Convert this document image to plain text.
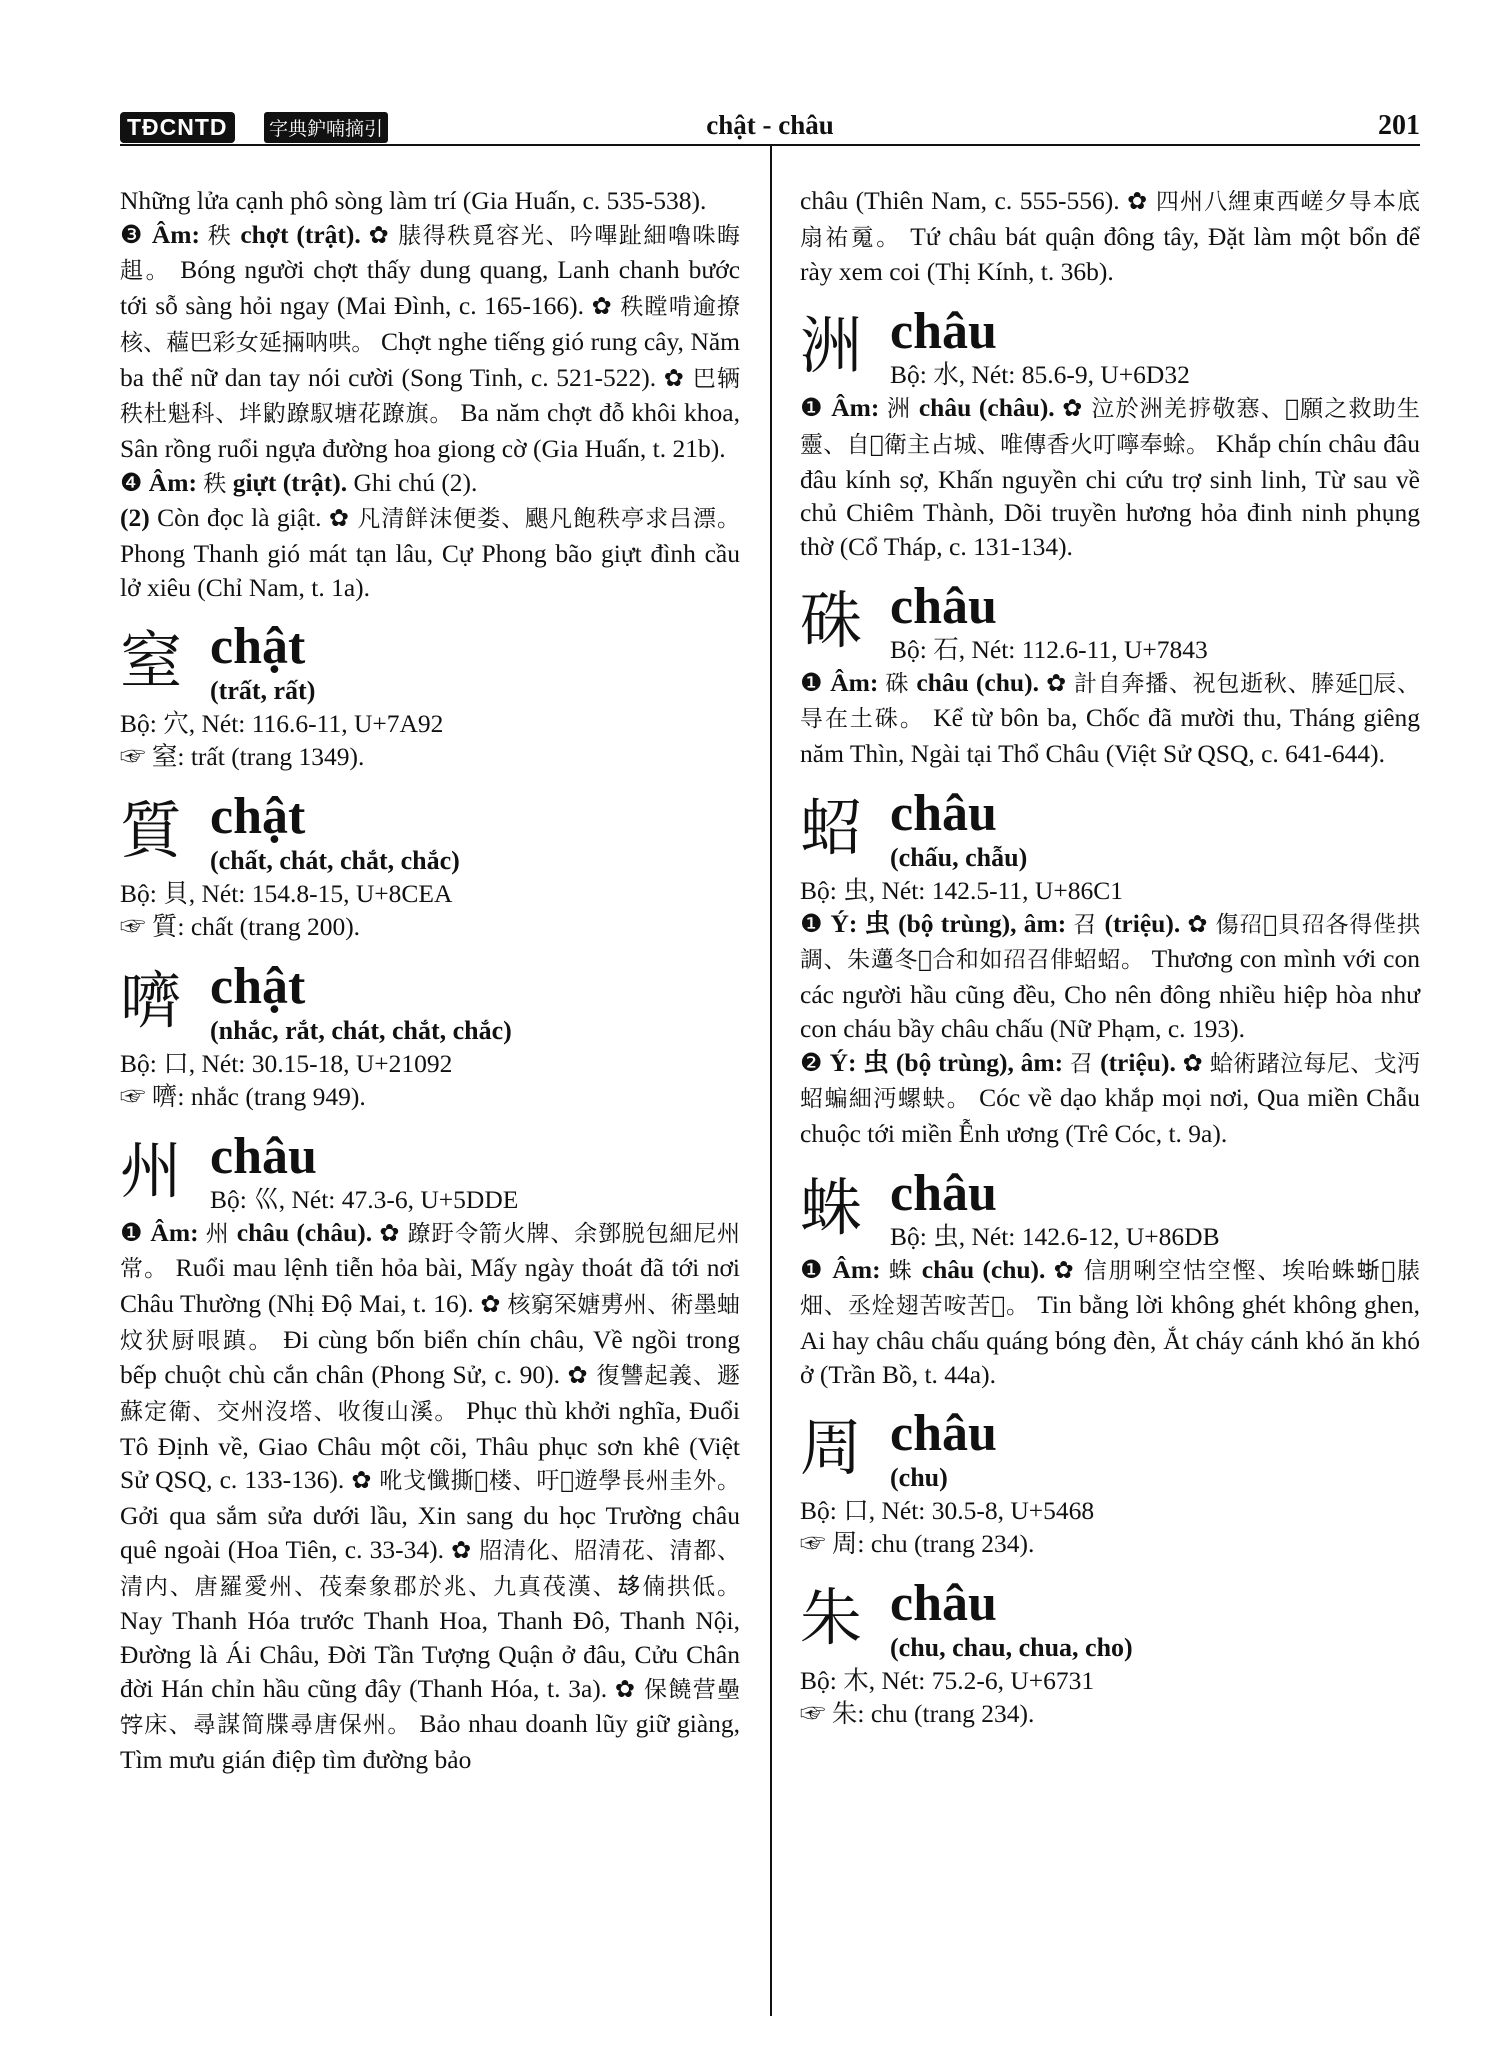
TĐCNTD	字典鈩喃摘引	chật - châu	201

Những lửa cạnh phô sòng làm trí (Gia Huấn, c. 535-538).

❸ Âm: 秩 chợt (trật). ✿ 脿得秩覓容光、吟嗶趾細嚕咮晦趄。 Bóng người chợt thấy dung quang, Lanh chanh bước tới sỗ sàng hỏi ngay (Mai Đình, c. 165-166). ✿ 秩瞠啃逾撩核、藲巴彩女延掚呐哄。 Chợt nghe tiếng gió rung cây, Năm ba thể nữ dan tay nói cười (Song Tinh, c. 521-522). ✿ 巴辆秩杜魁科、坢䶂蹽馭塘花蹽旗。 Ba năm chợt đỗ khôi khoa, Sân rồng ruổi ngựa đường hoa giong cờ (Gia Huấn, t. 21b).

❹ Âm: 秩 giựt (trật). Ghi chú (2).

(2) Còn đọc là giật. ✿ 凡清䬺沫便娄、颶凡飽秩亭求吕漂。 Phong Thanh gió mát tạn lâu, Cự Phong bão giựt đình cầu lở xiêu (Chỉ Nam, t. 1a).

窒 chật
(trất, rất)
Bộ: 穴, Nét: 116.6-11, U+7A92

☞ 窒: trất (trang 1349).

質 chật
(chất, chát, chắt, chắc)
Bộ: 貝, Nét: 154.8-15, U+8CEA

☞ 質: chất (trang 200).

嚌 chật
(nhắc, rắt, chát, chắt, chắc)
Bộ: 口, Nét: 30.15-18, U+21092

☞ 嚌: nhắc (trang 949).

州 châu
Bộ: 巛, Nét: 47.3-6, U+5DDE

❶ Âm: 州 châu (châu). ✿ 蹽趶令箭火牌、余鄧脱包細尼州常。 Ruổi mau lệnh tiễn hỏa bài, Mấy ngày thoát đã tới nơi Châu Thường (Nhị Độ Mai, t. 16). ✿ 核窮罙㜍旉州、術墨蚰炆犾厨哏蹎。 Đi cùng bốn biển chín châu, Về ngồi trong bếp chuột chù cắn chân (Phong Sử, c. 90). ✿ 復讐起義、遯蘇定衛、交州沒㙮、收復山溪。 Phục thù khởi nghĩa, Đuổi Tô Định về, Giao Châu một cõi, Thâu phục sơn khê (Việt Sử QSQ, c. 133-136). ✿ 吪戈懺撕𩄲楼、吁𨔍遊學長州圭外。 Gởi qua sắm sửa dưới lầu, Xin sang du học Trường châu quê ngoài (Hoa Tiên, c. 33-34). ✿ 牊清化、牊清花、清都、清内、唐羅愛州、茷秦象郡於兆、九真茷漢、𠫾㑲拱低。 Nay Thanh Hóa trước Thanh Hoa, Thanh Đô, Thanh Nội, Đường là Ái Châu, Đời Tần Tượng Quận ở đâu, Cửu Chân đời Hán chỉn hầu cũng đây (Thanh Hóa, t. 3a). ✿ 保饒营壘𡨸床、尋謀简牒尋唐保州。 Bảo nhau doanh lũy giữ giàng, Tìm mưu gián điệp tìm đường bảo

châu (Thiên Nam, c. 555-556). ✿ 四州八䋥東西嵯夕㝵本底扇祐䰟。 Tứ châu bát quận đông tây, Đặt làm một bổn để rày xem coi (Thị Kính, t. 36b).

洲 châu
Bộ: 水, Nét: 85.6-9, U+6D32

❶ Âm: 洲 châu (châu). ✿ 泣於洲羌𢭸敬㥶、𢘾願之救助生靈、自𨅸衛主占城、唯傳香火叮嚀奉蜍。 Khắp chín châu đâu đâu kính sợ, Khấn nguyền chi cứu trợ sinh linh, Từ sau về chủ Chiêm Thành, Dõi truyền hương hỏa đinh ninh phụng thờ (Cổ Tháp, c. 131-134).

硃 châu
Bộ: 石, Nét: 112.6-11, U+7843

❶ Âm: 硃 châu (chu). ✿ 計自奔播、祝包逝秋、䏾延𣎃辰、㝵在土硃。 Kể từ bôn ba, Chốc đã mười thu, Tháng giêng năm Thìn, Ngài tại Thổ Châu (Việt Sử QSQ, c. 641-644).

蛁 châu
(chấu, chẫu)
Bộ: 虫, Nét: 142.5-11, U+86C1

❶ Ý: 虫 (bộ trùng), âm: 召 (triệu). ✿ 傷𡥙𨉟貝𡥙各得𠈺拱調、朱𨙚冬𩀳合和如𡥙召俳蛁蛁。 Thương con mình với con các người hầu cũng đều, Cho nên đông nhiều hiệp hòa như con cháu bầy châu chấu (Nữ Phạm, c. 193).

❷ Ý: 虫 (bộ trùng), âm: 召 (triệu). ✿ 蛤術踷泣每尼、戈沔蛁蝙細沔螺蚗。 Cóc về dạo khắp mọi nơi, Qua miền Chẫu chuộc tới miền Ễnh ương (Trê Cóc, t. 9a).

蛛 châu
Bộ: 虫, Nét: 142.6-12, U+86DB

❶ Âm: 蛛 châu (chu). ✿ 信朋唎空怙空慳、埃咍蛛𧋍𤈜脿畑、丞烇翅苦咹苦𢯏。 Tin bằng lời không ghét không ghen, Ai hay châu chấu quáng bóng đèn, Ắt cháy cánh khó ăn khó ở (Trần Bồ, t. 44a).

周 châu
(chu)
Bộ: 口, Nét: 30.5-8, U+5468

☞ 周: chu (trang 234).

朱 châu
(chu, chau, chua, cho)
Bộ: 木, Nét: 75.2-6, U+6731

☞ 朱: chu (trang 234).
